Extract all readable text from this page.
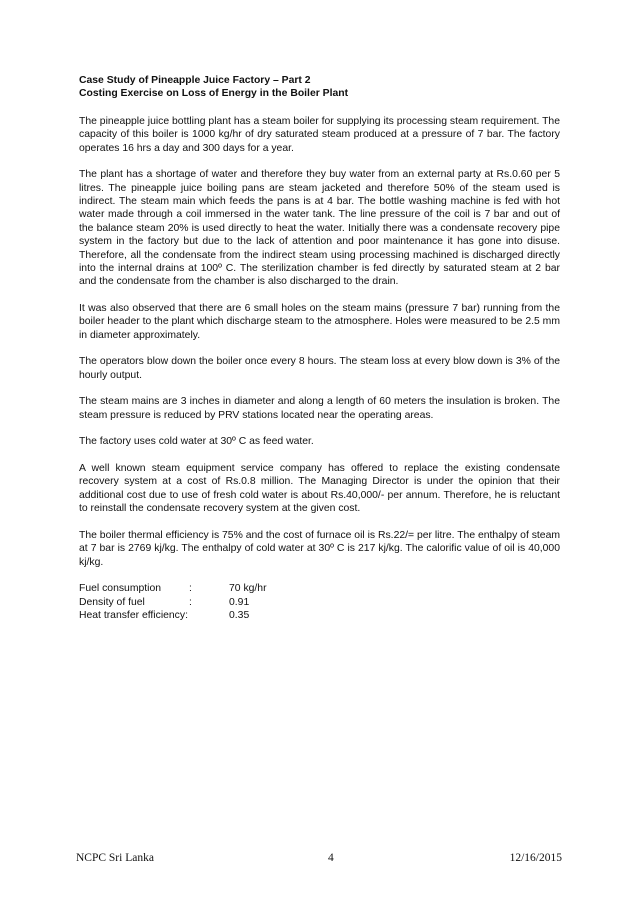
Case Study of Pineapple Juice Factory – Part 2
Costing Exercise on Loss of Energy in the Boiler Plant

The pineapple juice bottling plant has a steam boiler for supplying its processing steam requirement. The capacity of this boiler is 1000 kg/hr of dry saturated steam produced at a pressure of 7 bar. The factory operates 16 hrs a day and 300 days for a year.

The plant has a shortage of water and therefore they buy water from an external party at Rs.0.60 per 5 litres. The pineapple juice boiling pans are steam jacketed and therefore 50% of the steam used is indirect. The steam main which feeds the pans is at 4 bar. The bottle washing machine is fed with hot water made through a coil immersed in the water tank. The line pressure of the coil is 7 bar and out of the balance steam 20% is used directly to heat the water. Initially there was a condensate recovery pipe system in the factory but due to the lack of attention and poor maintenance it has gone into disuse. Therefore, all the condensate from the indirect steam using processing machined is discharged directly into the internal drains at 100º C. The sterilization chamber is fed directly by saturated steam at 2 bar and the condensate from the chamber is also discharged to the drain.

It was also observed that there are 6 small holes on the steam mains (pressure 7 bar) running from the boiler header to the plant which discharge steam to the atmosphere. Holes were measured to be 2.5 mm in diameter approximately.

The operators blow down the boiler once every 8 hours. The steam loss at every blow down is 3% of the hourly output.

The steam mains are 3 inches in diameter and along a length of 60 meters the insulation is broken. The steam pressure is reduced by PRV stations located near the operating areas.

The factory uses cold water at 30º C as feed water.

A well known steam equipment service company has offered to replace the existing condensate recovery system at a cost of Rs.0.8 million. The Managing Director is under the opinion that their additional cost due to use of fresh cold water is about Rs.40,000/- per annum. Therefore, he is reluctant to reinstall the condensate recovery system at the given cost.

The boiler thermal efficiency is 75% and the cost of furnace oil is Rs.22/= per litre. The enthalpy of steam at 7 bar is 2769 kj/kg. The enthalpy of cold water at 30º C is 217 kj/kg. The calorific value of oil is 40,000 kj/kg.

Fuel consumption	:	70 kg/hr
Density of fuel	:	0.91
Heat transfer efficiency:	0.35
NCPC Sri Lanka	4	12/16/2015
